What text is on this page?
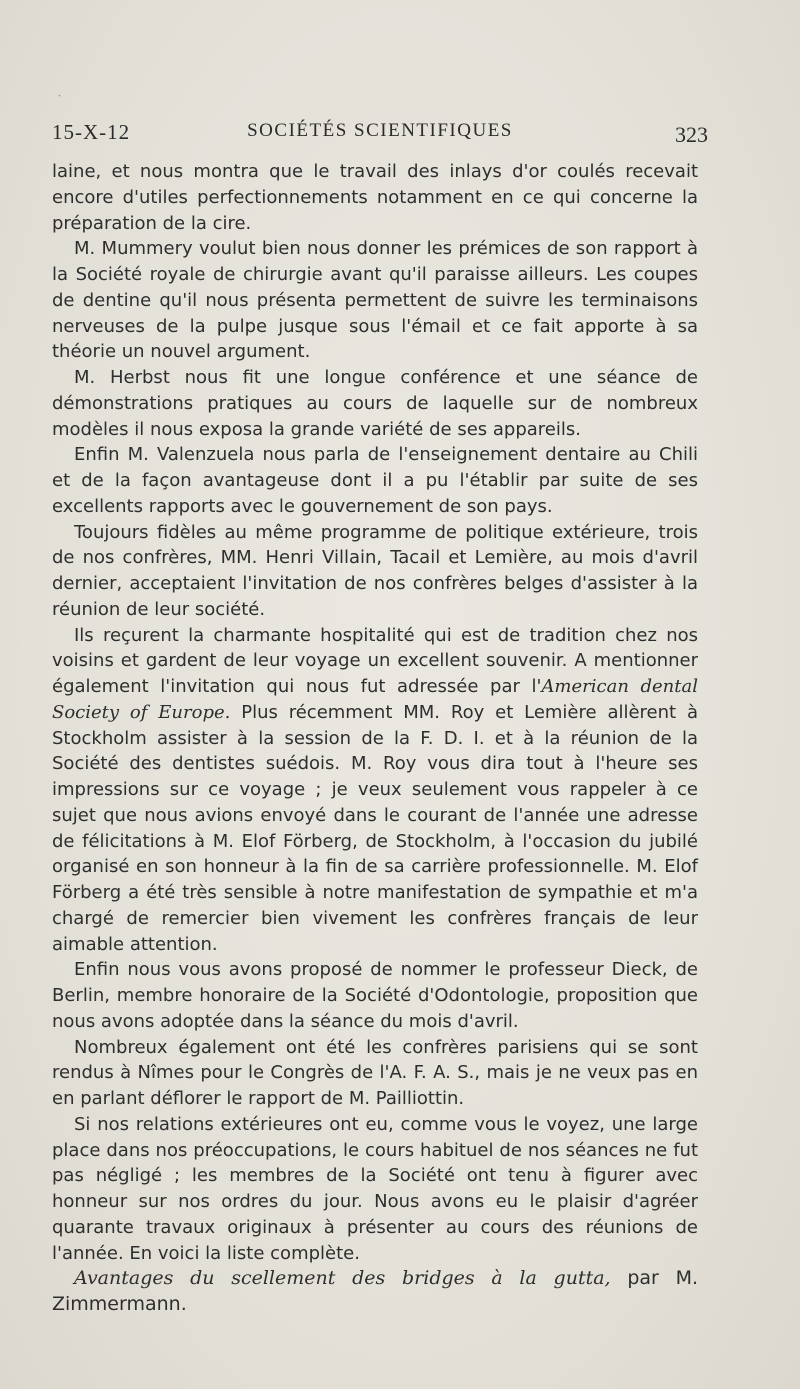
15-X-12	SOCIÉTÉS SCIENTIFIQUES	323

laine, et nous montra que le travail des inlays d'or coulés recevait encore d'utiles perfectionnements notamment en ce qui concerne la préparation de la cire.

M. Mummery voulut bien nous donner les prémices de son rapport à la Société royale de chirurgie avant qu'il paraisse ailleurs. Les coupes de dentine qu'il nous présenta permettent de suivre les terminaisons nerveuses de la pulpe jusque sous l'émail et ce fait apporte à sa théorie un nouvel argument.

M. Herbst nous fit une longue conférence et une séance de démonstrations pratiques au cours de laquelle sur de nombreux modèles il nous exposa la grande variété de ses appareils.

Enfin M. Valenzuela nous parla de l'enseignement dentaire au Chili et de la façon avantageuse dont il a pu l'établir par suite de ses excellents rapports avec le gouvernement de son pays.

Toujours fidèles au même programme de politique extérieure, trois de nos confrères, MM. Henri Villain, Tacail et Lemière, au mois d'avril dernier, acceptaient l'invitation de nos confrères belges d'assister à la réunion de leur société.

Ils reçurent la charmante hospitalité qui est de tradition chez nos voisins et gardent de leur voyage un excellent souvenir. A mentionner également l'invitation qui nous fut adressée par l'American dental Society of Europe. Plus récemment MM. Roy et Lemière allèrent à Stockholm assister à la session de la F. D. I. et à la réunion de la Société des dentistes suédois. M. Roy vous dira tout à l'heure ses impressions sur ce voyage ; je veux seulement vous rappeler à ce sujet que nous avions envoyé dans le courant de l'année une adresse de félicitations à M. Elof Förberg, de Stockholm, à l'occasion du jubilé organisé en son honneur à la fin de sa carrière professionnelle. M. Elof Förberg a été très sensible à notre manifestation de sympathie et m'a chargé de remercier bien vivement les confrères français de leur aimable attention.

Enfin nous vous avons proposé de nommer le professeur Dieck, de Berlin, membre honoraire de la Société d'Odontologie, proposition que nous avons adoptée dans la séance du mois d'avril.

Nombreux également ont été les confrères parisiens qui se sont rendus à Nîmes pour le Congrès de l'A. F. A. S., mais je ne veux pas en en parlant déflorer le rapport de M. Pailliottin.

Si nos relations extérieures ont eu, comme vous le voyez, une large place dans nos préoccupations, le cours habituel de nos séances ne fut pas négligé ; les membres de la Société ont tenu à figurer avec honneur sur nos ordres du jour. Nous avons eu le plaisir d'agréer quarante travaux originaux à présenter au cours des réunions de l'année. En voici la liste complète.

Avantages du scellement des bridges à la gutta, par M. Zimmermann.

ˎ
